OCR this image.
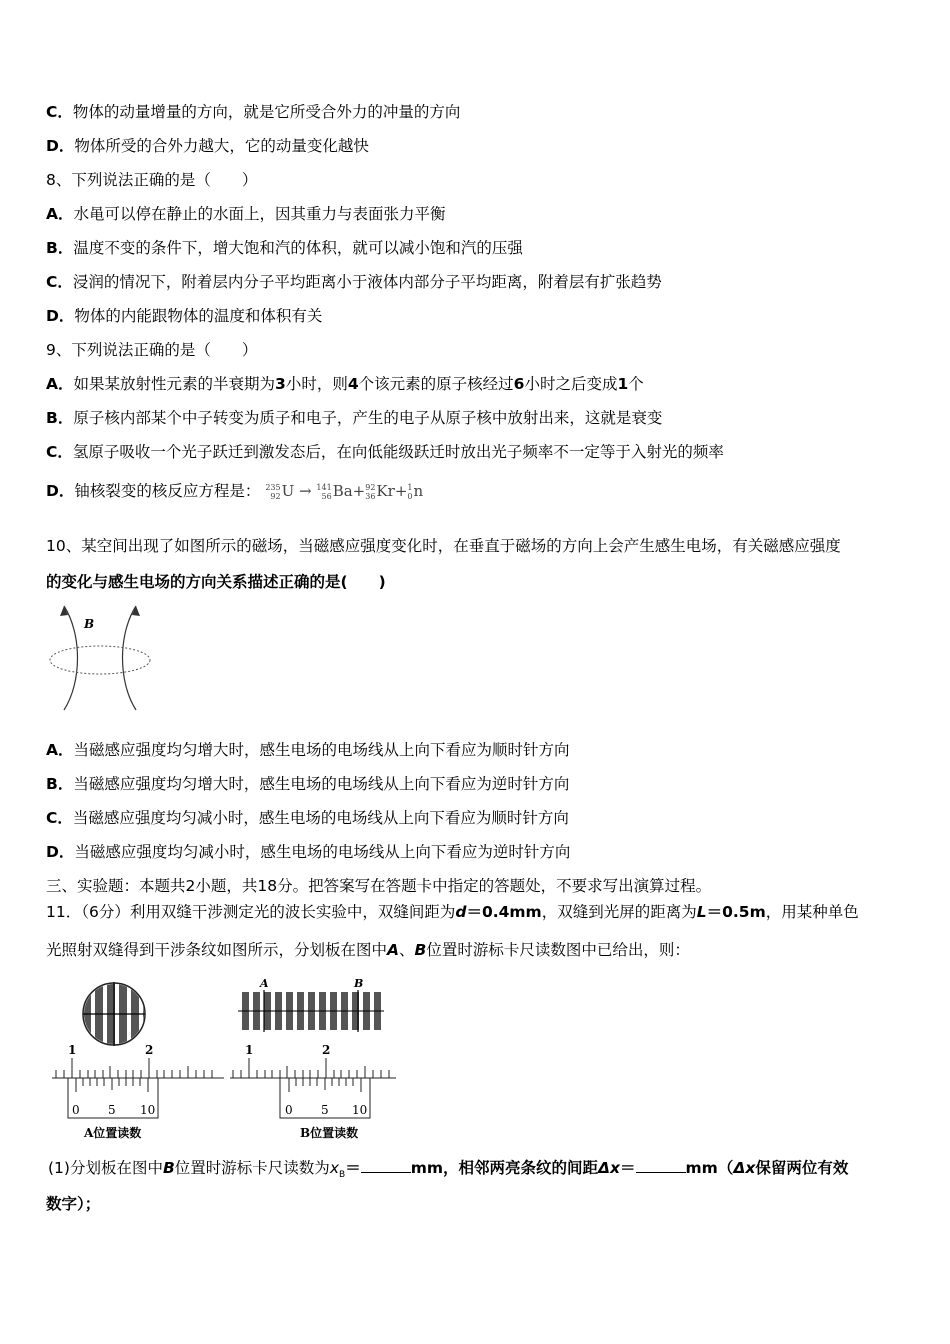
C．物体的动量增量的方向，就是它所受合外力的冲量的方向
D．物体所受的合外力越大，它的动量变化越快
8、下列说法正确的是（　　）
A．水黾可以停在静止的水面上，因其重力与表面张力平衡
B．温度不变的条件下，增大饱和汽的体积，就可以减小饱和汽的压强
C．浸润的情况下，附着层内分子平均距离小于液体内部分子平均距离，附着层有扩张趋势
D．物体的内能跟物体的温度和体积有关
9、下列说法正确的是（　　）
A．如果某放射性元素的半衰期为3小时，则4个该元素的原子核经过6小时之后变成1个
B．原子核内部某个中子转变为质子和电子，产生的电子从原子核中放射出来，这就是衰变
C．氢原子吸收一个光子跃迁到激发态后，在向低能级跃迁时放出光子频率不一定等于入射光的频率
D．铀核裂变的核反应方程是： 235
92 U → 141
56 Ba+ 92
36 Kr+ 1
0 n
10、某空间出现了如图所示的磁场，当磁感应强度变化时，在垂直于磁场的方向上会产生感生电场，有关磁感应强度
的变化与感生电场的方向关系描述正确的是(　　)
B
A．当磁感应强度均匀增大时，感生电场的电场线从上向下看应为顺时针方向
B．当磁感应强度均匀增大时，感生电场的电场线从上向下看应为逆时针方向
C．当磁感应强度均匀减小时，感生电场的电场线从上向下看应为顺时针方向
D．当磁感应强度均匀减小时，感生电场的电场线从上向下看应为逆时针方向
三、实验题：本题共2小题，共18分。把答案写在答题卡中指定的答题处，不要求写出演算过程。
11．（6分）利用双缝干涉测定光的波长实验中，双缝间距为d＝0.4mm，双缝到光屏的距离为L＝0.5m，用某种单色
光照射双缝得到干涉条纹如图所示，分划板在图中A、B位置时游标卡尺读数图中已给出，则：
1	2
0 5 10
A位置读数
A	B
1	2
0 5 10
B位置读数
(1)分划板在图中B位置时游标卡尺读数为$x_B=$	mm，相邻两亮条纹的间距Δx＝	mm（Δx保留两位有效
数字）；
